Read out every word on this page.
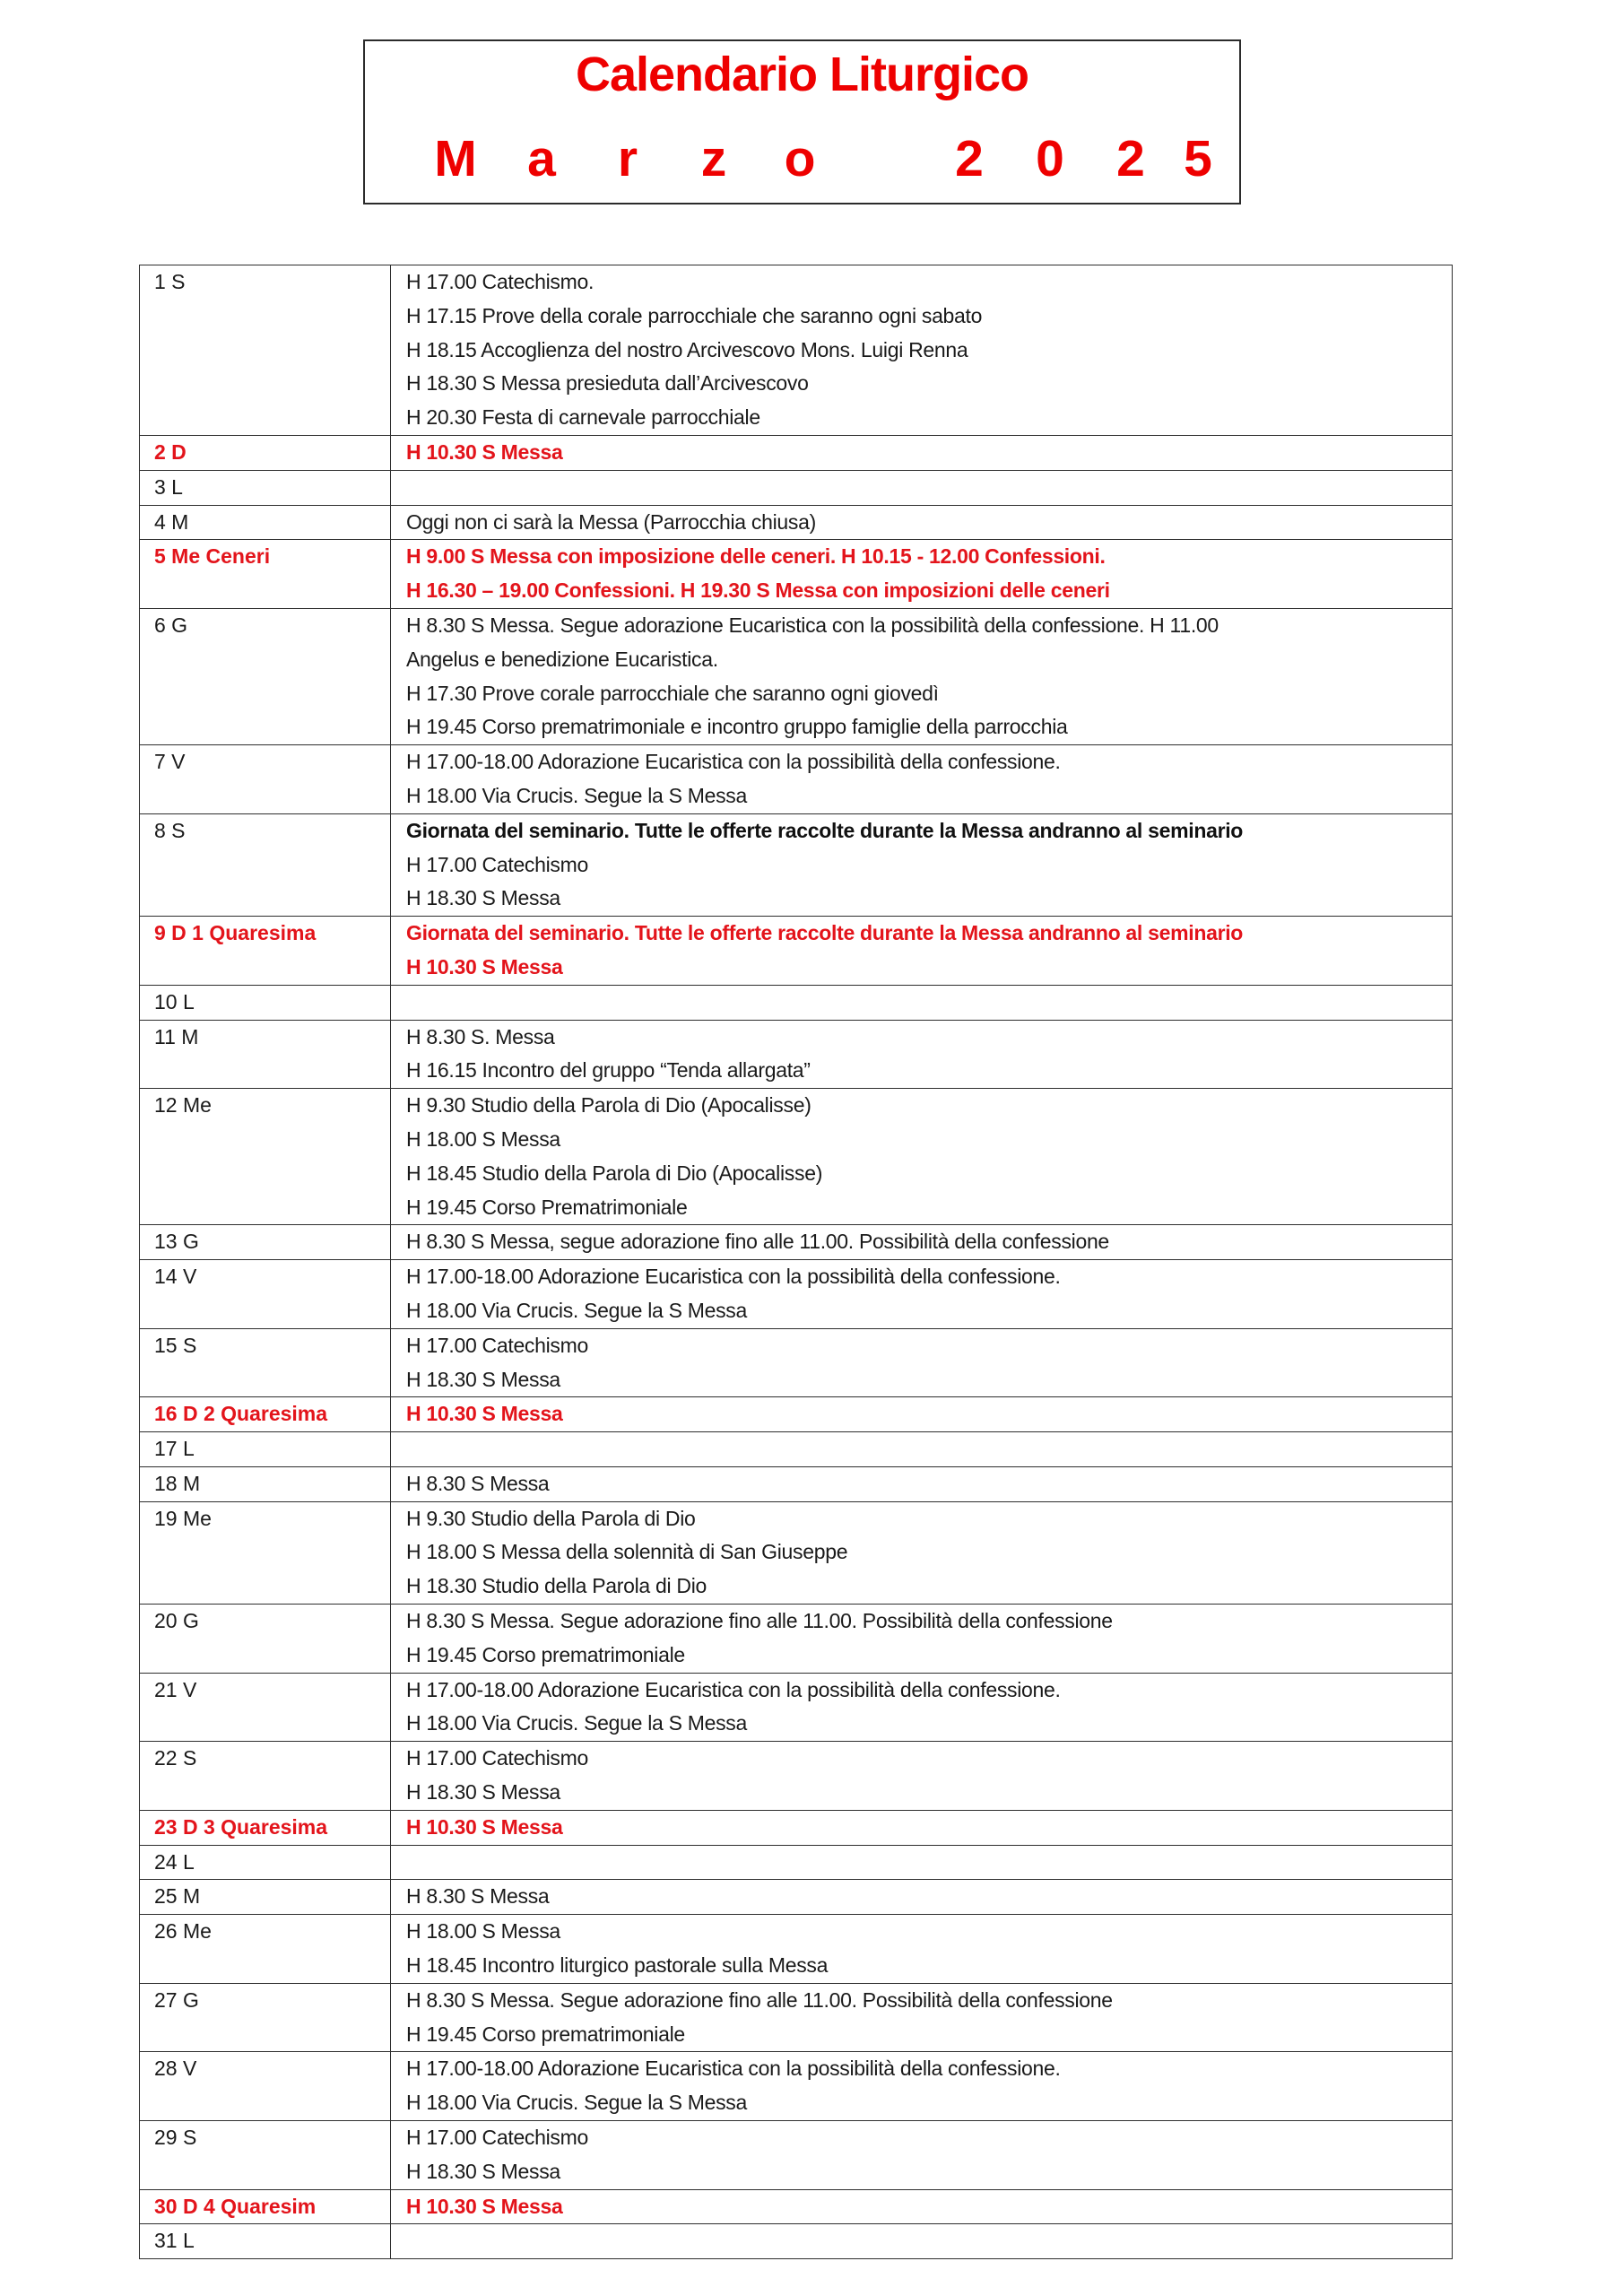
Calendario Liturgico
M a	r	z	o	2	0	2 5
1 S	H 17.00 Catechismo.
H 17.15 Prove della corale parrocchiale che saranno ogni sabato
H 18.15 Accoglienza del nostro Arcivescovo Mons. Luigi Renna
H 18.30 S Messa presieduta dall’Arcivescovo
H 20.30 Festa di carnevale parrocchiale

2 D	H 10.30 S Messa

3 L	

4 M	Oggi non ci sarà la Messa (Parrocchia chiusa)

5 Me Ceneri	H 9.00 S Messa con imposizione delle ceneri. H 10.15 - 12.00 Confessioni.
H 16.30 – 19.00 Confessioni. H 19.30 S Messa con imposizioni delle ceneri

6 G	H 8.30 S Messa. Segue adorazione Eucaristica con la possibilità della confessione. H 11.00
Angelus e benedizione Eucaristica.
H 17.30 Prove corale parrocchiale che saranno ogni giovedì
H 19.45 Corso prematrimoniale e incontro gruppo famiglie della parrocchia

7 V	H 17.00-18.00 Adorazione Eucaristica con la possibilità della confessione.
H 18.00 Via Crucis. Segue la S Messa

8 S	Giornata del seminario. Tutte le offerte raccolte durante la Messa andranno al seminario
H 17.00 Catechismo
H 18.30 S Messa

9 D 1 Quaresima	Giornata del seminario. Tutte le offerte raccolte durante la Messa andranno al seminario
H 10.30 S Messa

10 L	

11 M	H 8.30 S. Messa
H 16.15 Incontro del gruppo “Tenda allargata”

12 Me	H 9.30 Studio della Parola di Dio (Apocalisse)
H 18.00 S Messa
H 18.45 Studio della Parola di Dio (Apocalisse)
H 19.45 Corso Prematrimoniale

13 G	H 8.30 S Messa, segue adorazione fino alle 11.00. Possibilità della confessione

14 V	H 17.00-18.00 Adorazione Eucaristica con la possibilità della confessione.
H 18.00 Via Crucis. Segue la S Messa

15 S	H 17.00 Catechismo
H 18.30 S Messa

16 D 2 Quaresima	H 10.30 S Messa

17 L	

18 M	H 8.30 S Messa

19 Me	H 9.30 Studio della Parola di Dio
H 18.00 S Messa della solennità di San Giuseppe
H 18.30 Studio della Parola di Dio

20 G	H 8.30 S Messa. Segue adorazione fino alle 11.00. Possibilità della confessione
H 19.45 Corso prematrimoniale

21 V	H 17.00-18.00 Adorazione Eucaristica con la possibilità della confessione.
H 18.00 Via Crucis. Segue la S Messa

22 S	H 17.00 Catechismo
H 18.30 S Messa

23 D 3 Quaresima	H 10.30 S Messa

24 L	

25 M	H 8.30 S Messa

26 Me	H 18.00 S Messa
H 18.45 Incontro liturgico pastorale sulla Messa

27 G	H 8.30 S Messa. Segue adorazione fino alle 11.00. Possibilità della confessione
H 19.45 Corso prematrimoniale

28 V	H 17.00-18.00 Adorazione Eucaristica con la possibilità della confessione.
H 18.00 Via Crucis. Segue la S Messa

29 S	H 17.00 Catechismo
H 18.30 S Messa

30 D 4 Quaresim	H 10.30 S Messa

31 L	
